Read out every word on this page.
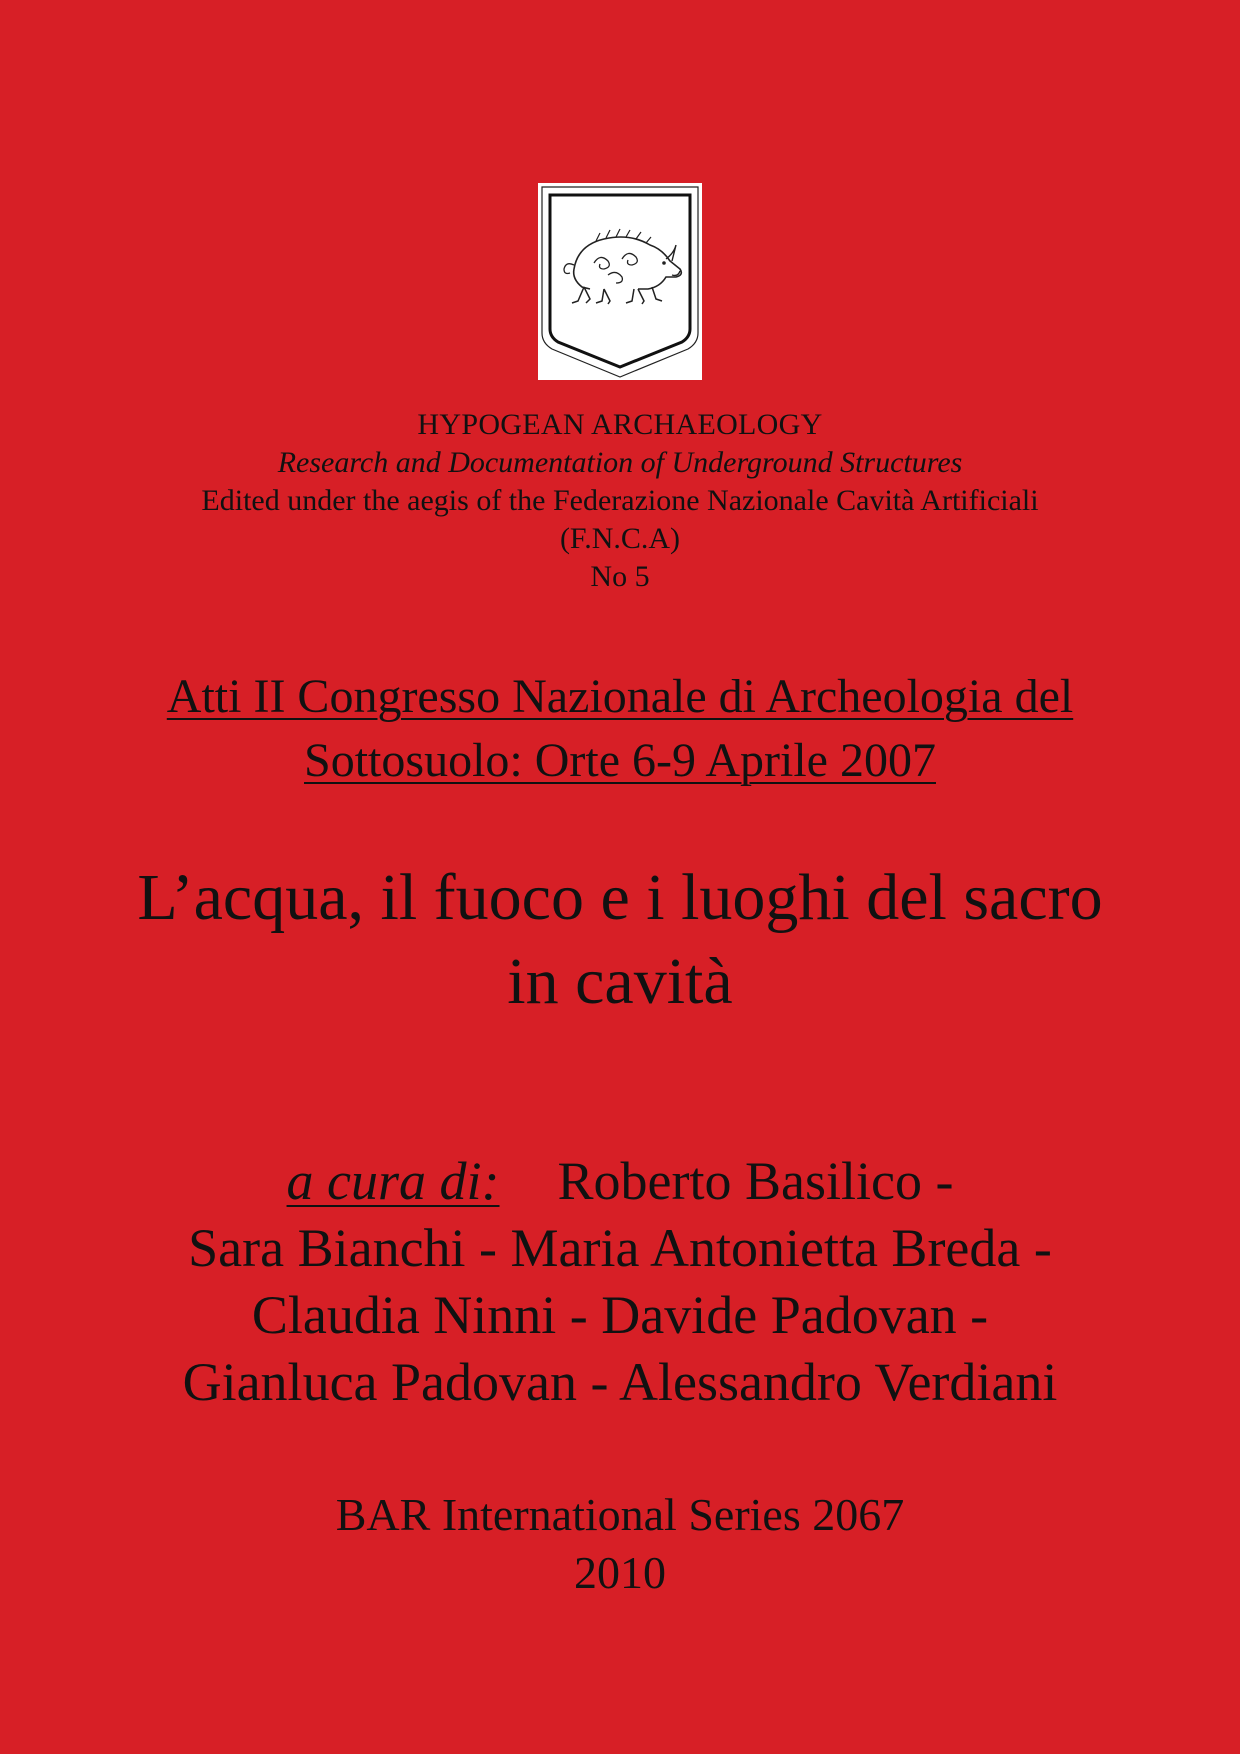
HYPOGEAN ARCHAEOLOGY
Research and Documentation of Underground Structures
Edited under the aegis of the Federazione Nazionale Cavità Artificiali
(F.N.C.A)
No 5
Atti II Congresso Nazionale di Archeologia del
Sottosuolo: Orte 6-9 Aprile 2007
L’acqua, il fuoco e i luoghi del sacro
in cavità
a cura di: Roberto Basilico -
Sara Bianchi - Maria Antonietta Breda -
Claudia Ninni - Davide Padovan -
Gianluca Padovan - Alessandro Verdiani
BAR International Series 2067
2010
